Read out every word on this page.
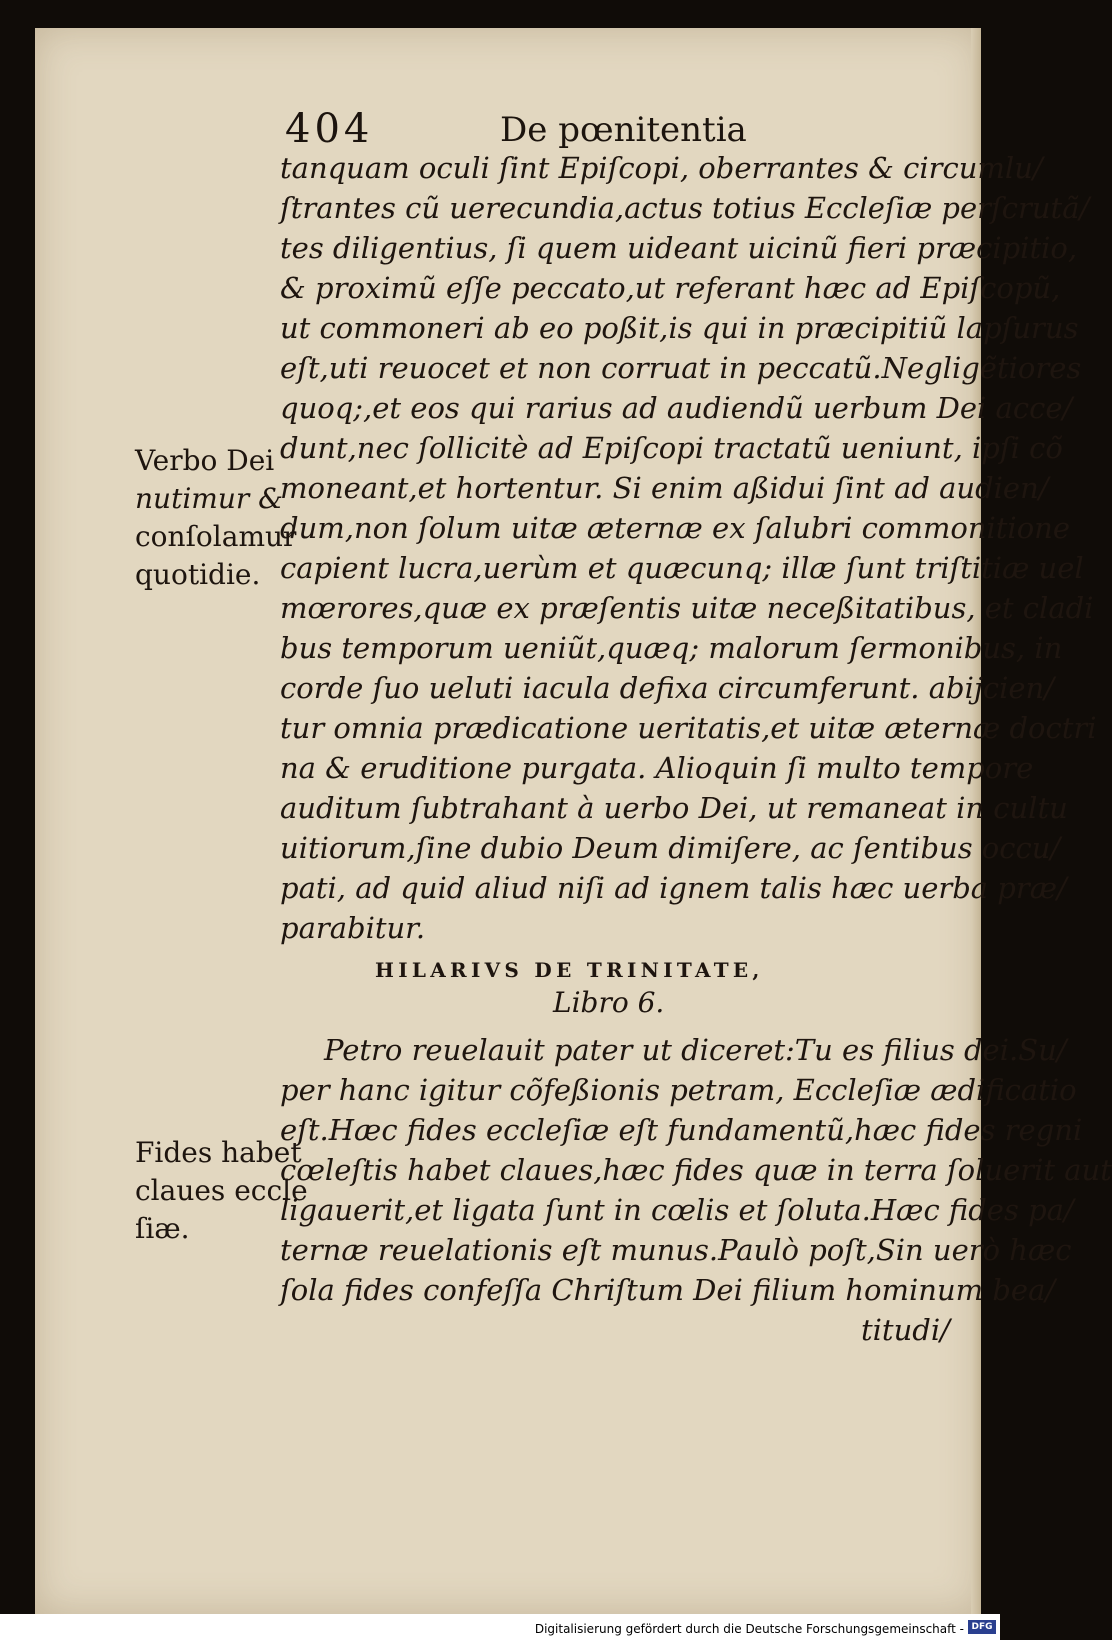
404	De pœnitentia
tanquam oculi ſint Epiſcopi, oberrantes & circumlu/
ſtrantes cũ uerecundia,actus totius Eccleſiæ perſcrutã/
tes diligentius, ſi quem uideant uicinũ fieri præcipitio,
& proximũ eſſe peccato,ut referant hæc ad Epiſcopũ,
ut commoneri ab eo poßit,is qui in præcipitiũ lapſurus
eſt,uti reuocet et non corruat in peccatũ.Negligẽtiores
quoq;,et eos qui rarius ad audiendũ uerbum Dei acce/
dunt,nec ſollicitè ad Epiſcopi tractatũ ueniunt, ipſi cõ
moneant,et hortentur. Si enim aßidui ſint ad audien/
dum,non ſolum uitæ æternæ ex ſalubri commonitione
capient lucra,uerùm et quæcunq; illæ ſunt triſtitiæ uel
mœrores,quæ ex præſentis uitæ neceßitatibus, et cladi
bus temporum ueniũt,quæq; malorum ſermonibus, in
corde ſuo ueluti iacula defixa circumferunt. abijcien/
tur omnia prædicatione ueritatis,et uitæ æternæ doctri
na & eruditione purgata. Alioquin ſi multo tempore
auditum ſubtrahant à uerbo Dei, ut remaneat in cultu
uitiorum,ſine dubio Deum dimiſere, ac ſentibus occu/
pati, ad quid aliud niſi ad ignem talis hæc uerba præ/
parabitur.
HILARIVS DE TRINITATE,
Libro 6.
Petro reuelauit pater ut diceret:Tu es filius dei.Su/
per hanc igitur cõfeßionis petram, Eccleſiæ ædificatio
eſt.Hæc fides eccleſiæ eſt fundamentũ,hæc fides regni
cœleſtis habet claues,hæc fides quæ in terra ſoluerit aut
ligauerit,et ligata ſunt in cœlis et ſoluta.Hæc fides pa/
ternæ reuelationis eſt munus.Paulò poſt,Sin uerò hæc
ſola fides confeſſa Chriſtum Dei filium hominum bea/
titudi/
Verbo Dei
nutimur &
conſolamur
quotidie.
Fides habet
claues eccle
ſiæ.
Digitalisierung gefördert durch die Deutsche Forschungsgemeinschaft - DFG
